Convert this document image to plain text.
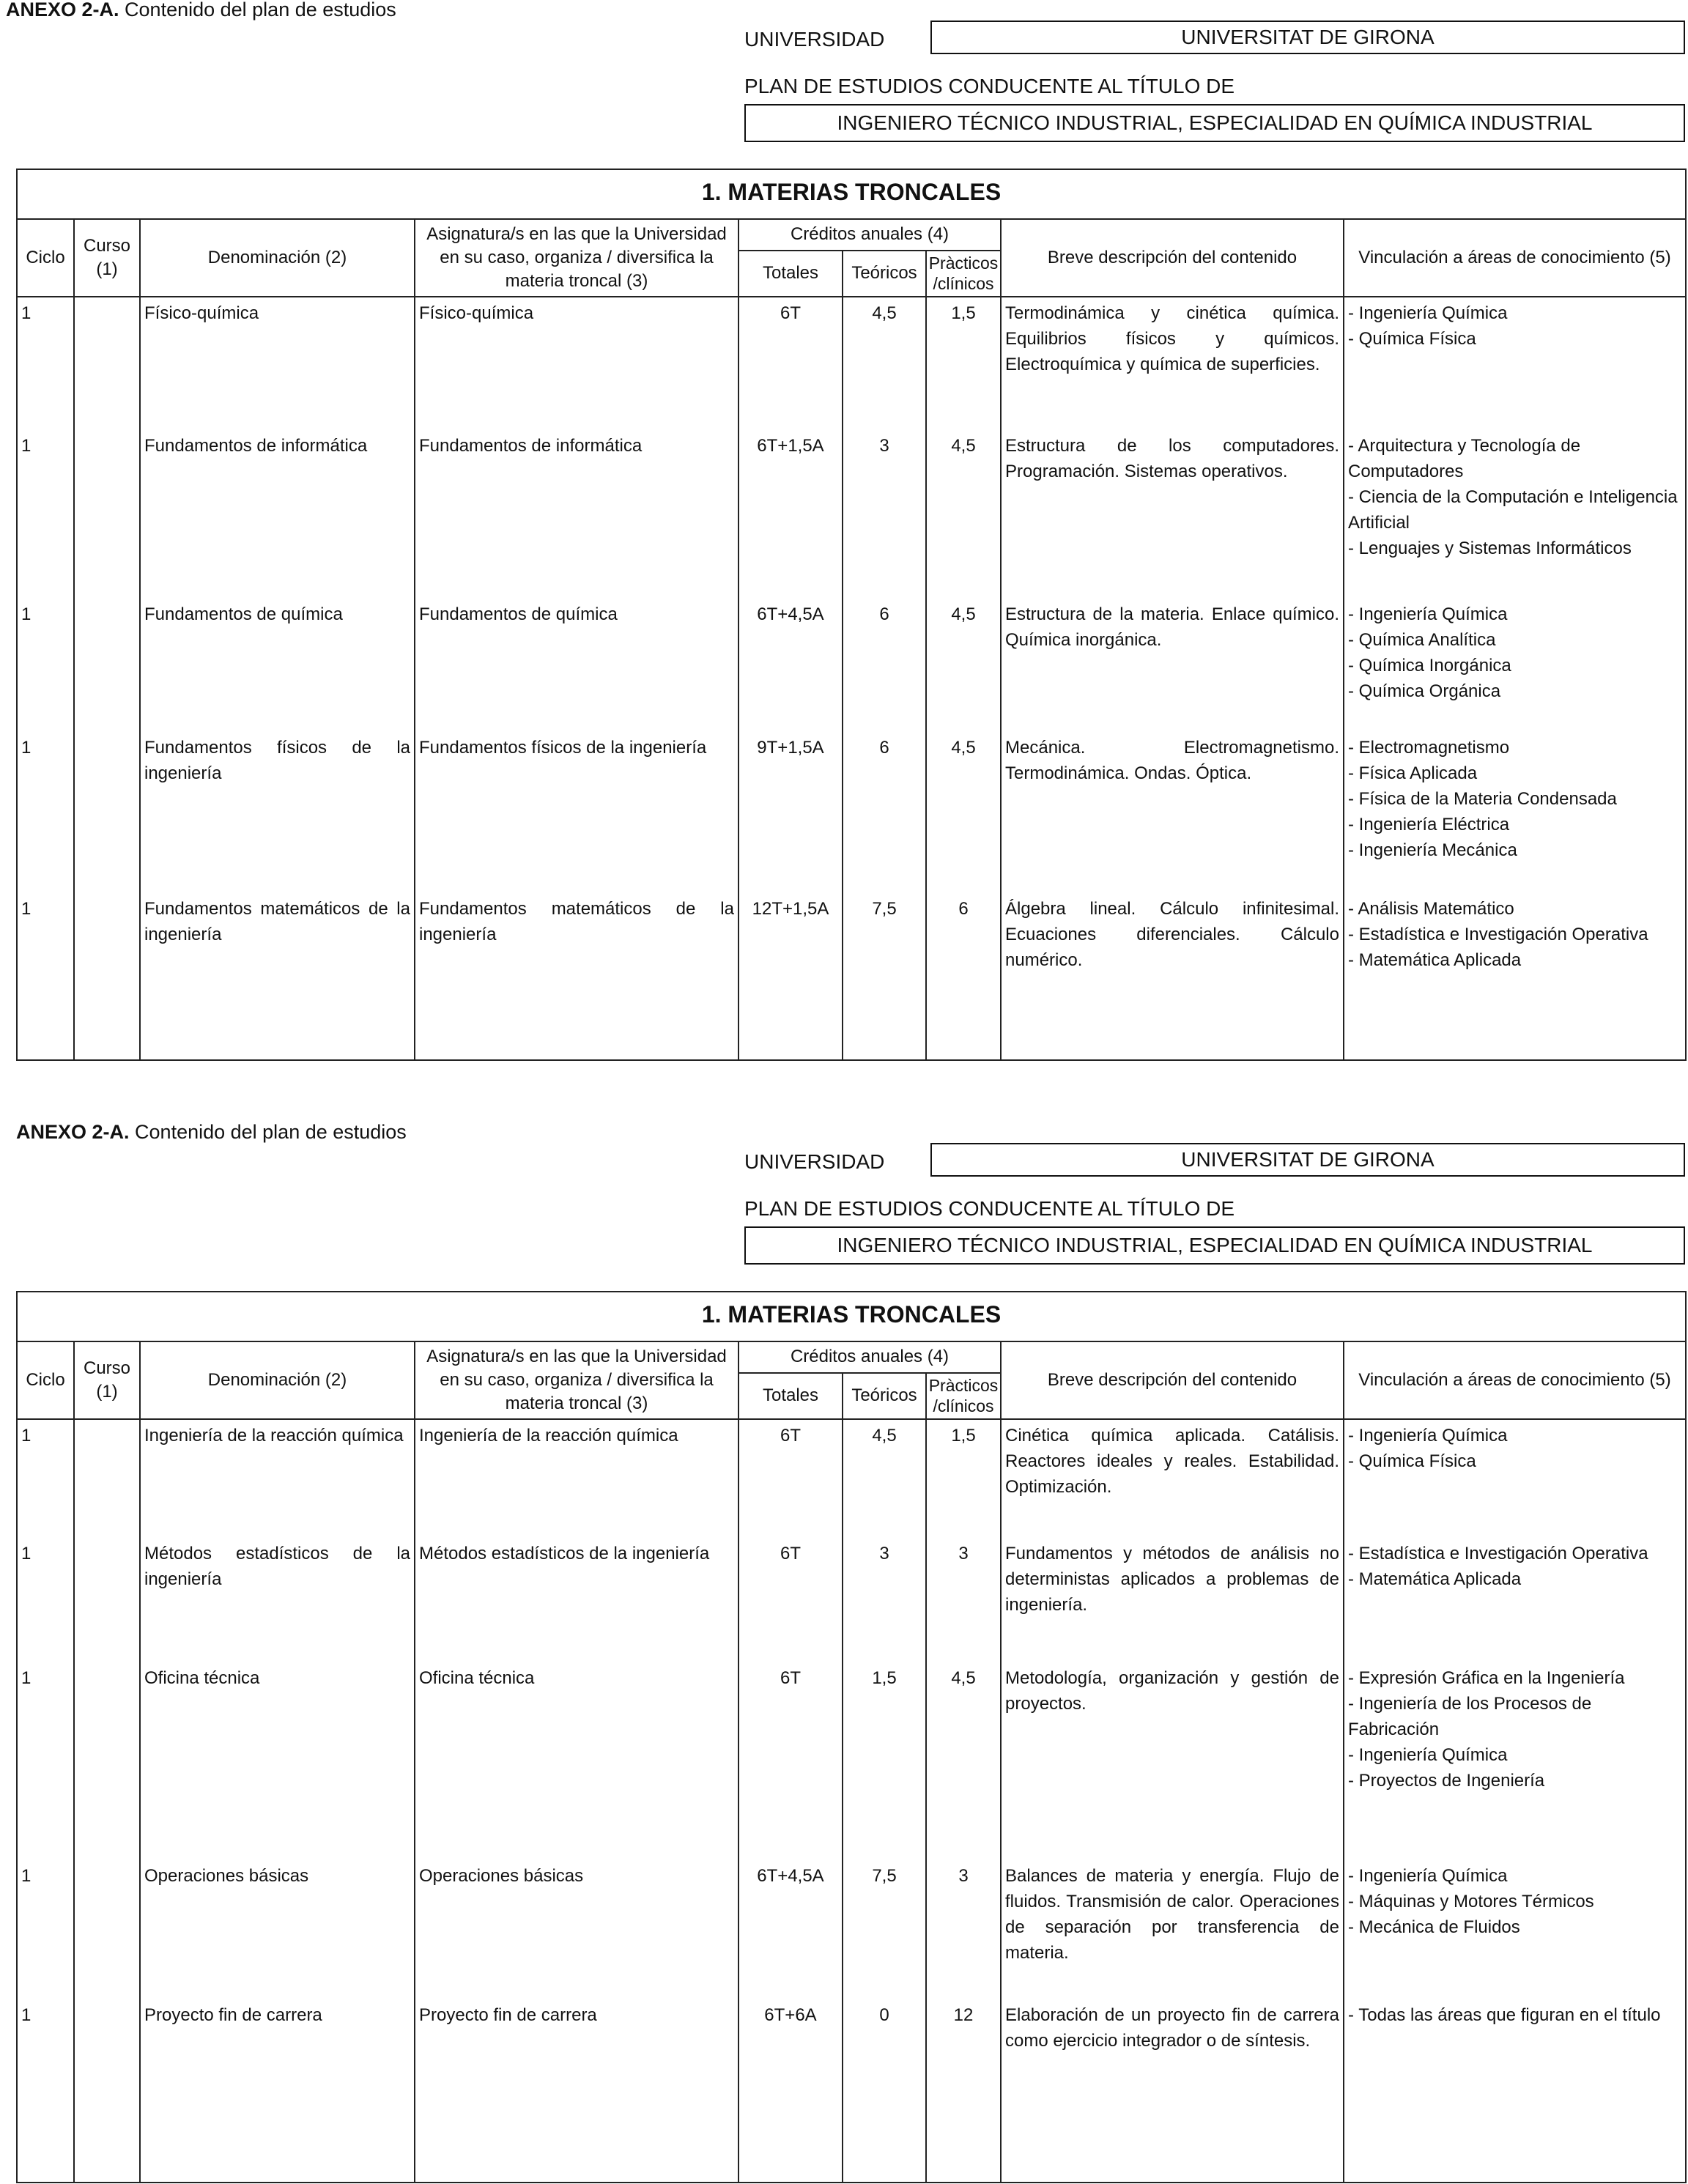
ANEXO 2-A. Contenido del plan de estudios
UNIVERSIDAD	UNIVERSITAT DE GIRONA
PLAN DE ESTUDIOS CONDUCENTE AL TÍTULO DE
INGENIERO TÉCNICO INDUSTRIAL, ESPECIALIDAD EN QUÍMICA INDUSTRIAL
1. MATERIAS TRONCALES								
Ciclo	Curso (1)	Denominación (2)	Asignatura/s en las que la Universidad en su caso, organiza / diversifica la materia troncal (3)	Créditos anuales (4)			Breve descripción del contenido	Vinculación a áreas de conocimiento (5)
				Totales	Teóricos	Pràcticos /clínicos		
1		Físico-química	Físico-química	6T	4,5	1,5	Termodinámica y cinética química. Equilibrios físicos y químicos. Electroquímica y química de superficies.	- Ingeniería Química
- Química Física

1		Fundamentos de informática	Fundamentos de informática	6T+1,5A	3	4,5	Estructura de los computadores. Programación. Sistemas operativos.	- Arquitectura y Tecnología de Computadores
- Ciencia de la Computación e Inteligencia Artificial
- Lenguajes y Sistemas Informáticos

1		Fundamentos de química	Fundamentos de química	6T+4,5A	6	4,5	Estructura de la materia. Enlace químico. Química inorgánica.	- Ingeniería Química
- Química Analítica
- Química Inorgánica
- Química Orgánica

1		Fundamentos físicos de la ingeniería	Fundamentos físicos de la ingeniería	9T+1,5A	6	4,5	Mecánica. Electromagnetismo. Termodinámica. Ondas. Óptica.	- Electromagnetismo
- Física Aplicada
- Física de la Materia Condensada
- Ingeniería Eléctrica
- Ingeniería Mecánica

1		Fundamentos matemáticos de la ingeniería	Fundamentos matemáticos de la ingeniería	12T+1,5A	7,5	6	Álgebra lineal. Cálculo infinitesimal. Ecuaciones diferenciales. Cálculo numérico.	- Análisis Matemático
- Estadística e Investigación Operativa
- Matemática Aplicada
ANEXO 2-A. Contenido del plan de estudios
UNIVERSIDAD	UNIVERSITAT DE GIRONA
PLAN DE ESTUDIOS CONDUCENTE AL TÍTULO DE
INGENIERO TÉCNICO INDUSTRIAL, ESPECIALIDAD EN QUÍMICA INDUSTRIAL
1. MATERIAS TRONCALES								
Ciclo	Curso (1)	Denominación (2)	Asignatura/s en las que la Universidad en su caso, organiza / diversifica la materia troncal (3)	Créditos anuales (4)			Breve descripción del contenido	Vinculación a áreas de conocimiento (5)
				Totales	Teóricos	Pràcticos /clínicos		
1		Ingeniería de la reacción química	Ingeniería de la reacción química	6T	4,5	1,5	Cinética química aplicada. Catálisis. Reactores ideales y reales. Estabilidad. Optimización.	- Ingeniería Química
- Química Física

1		Métodos estadísticos de la ingeniería	Métodos estadísticos de la ingeniería	6T	3	3	Fundamentos y métodos de análisis no deterministas aplicados a problemas de ingeniería.	- Estadística e Investigación Operativa
- Matemática Aplicada

1		Oficina técnica	Oficina técnica	6T	1,5	4,5	Metodología, organización y gestión de proyectos.	- Expresión Gráfica en la Ingeniería
- Ingeniería de los Procesos de Fabricación
- Ingeniería Química
- Proyectos de Ingeniería

1		Operaciones básicas	Operaciones básicas	6T+4,5A	7,5	3	Balances de materia y energía. Flujo de fluidos. Transmisión de calor. Operaciones de separación por transferencia de materia.	- Ingeniería Química
- Máquinas y Motores Térmicos
- Mecánica de Fluidos

1		Proyecto fin de carrera	Proyecto fin de carrera	6T+6A	0	12	Elaboración de un proyecto fin de carrera como ejercicio integrador o de síntesis.	- Todas las áreas que figuran en el título
